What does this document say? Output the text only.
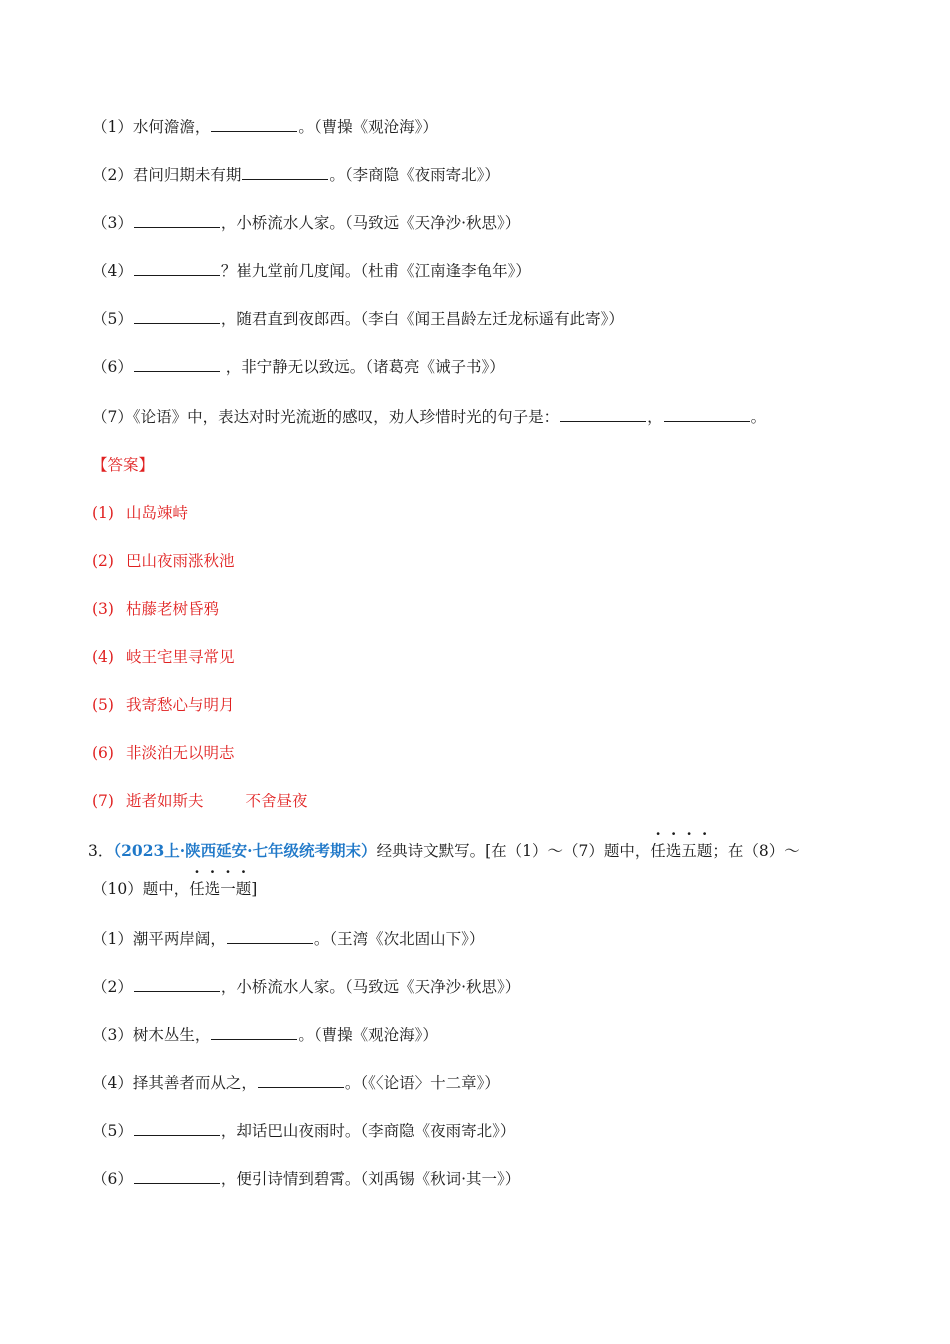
（1）水何澹澹，	。（曹操《观沧海》）
（2）君问归期未有期	。（李商隐《夜雨寄北》）
（3）	，小桥流水人家。（马致远《天净沙·秋思》）
（4）	？崔九堂前几度闻。（杜甫《江南逢李龟年》）
（5）	，随君直到夜郎西。（李白《闻王昌龄左迁龙标遥有此寄》）
（6）	，非宁静无以致远。（诸葛亮《诫子书》）
（7）《论语》中，表达对时光流逝的感叹，劝人珍惜时光的句子是：	，	。
【答案】
(1) 山岛竦峙
(2) 巴山夜雨涨秋池
(3) 枯藤老树昏鸦
(4) 岐王宅里寻常见
(5) 我寄愁心与明月
(6) 非淡泊无以明志
(7) 逝者如斯夫	不舍昼夜
3．（2023上·陕西延安·七年级统考期末）经典诗文默写。[在（1）～（7）题中，任选五题；在（8）～
（10）题中，任选一题]
（1）潮平两岸阔，	。（王湾《次北固山下》）
（2）	，小桥流水人家。（马致远《天净沙·秋思》）
（3）树木丛生，	。（曹操《观沧海》）
（4）择其善者而从之，	。（《〈论语〉十二章》）
（5）	，却话巴山夜雨时。（李商隐《夜雨寄北》）
（6）	，便引诗情到碧霄。（刘禹锡《秋词·其一》）
